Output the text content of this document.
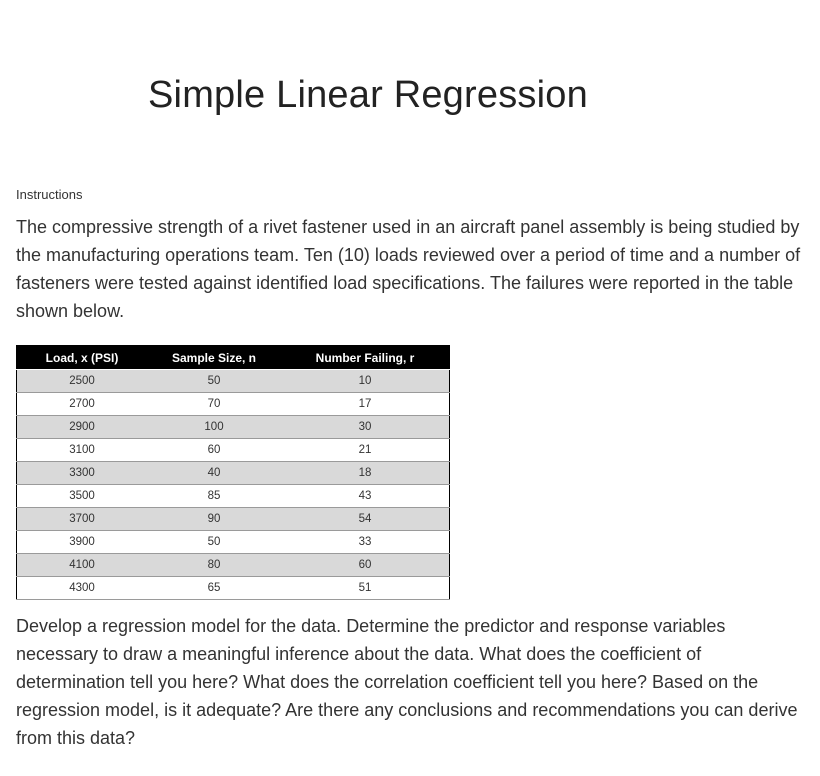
Simple Linear Regression
Instructions

The compressive strength of a rivet fastener used in an aircraft panel assembly is being studied by the manufacturing operations team. Ten (10) loads reviewed over a period of time and a number of fasteners were tested against identified load specifications. The failures were reported in the table shown below.

Load, x (PSI)	Sample Size, n	Number Failing, r
2500	50	10
2700	70	17
2900	100	30
3100	60	21
3300	40	18
3500	85	43
3700	90	54
3900	50	33
4100	80	60
4300	65	51

Develop a regression model for the data. Determine the predictor and response variables necessary to draw a meaningful inference about the data. What does the coefficient of determination tell you here? What does the correlation coefficient tell you here? Based on the regression model, is it adequate? Are there any conclusions and recommendations you can derive from this data?
